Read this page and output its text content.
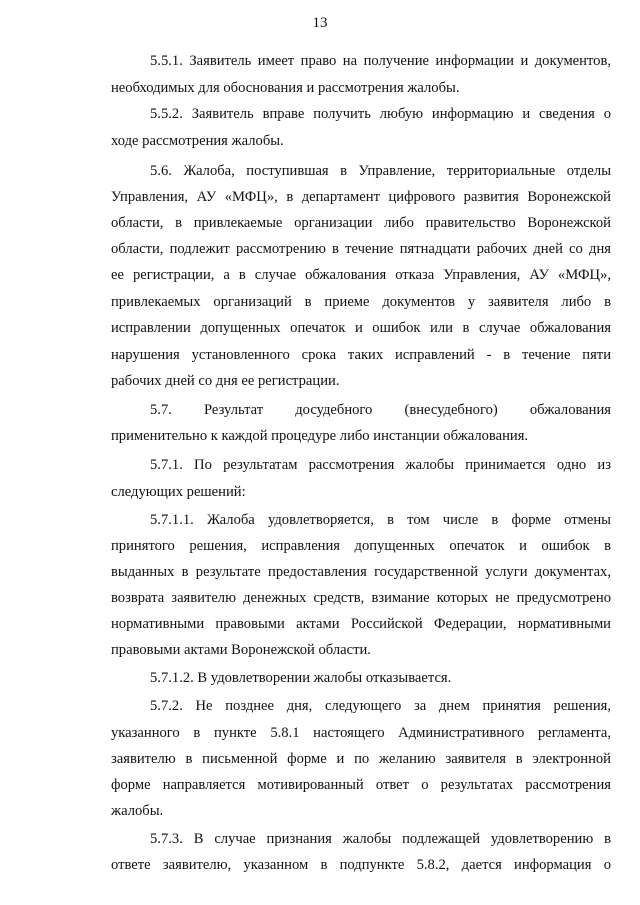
13
5.5.1. Заявитель имеет право на получение информации и документов,
необходимых для обоснования и рассмотрения жалобы.
5.5.2. Заявитель вправе получить любую информацию и сведения о
ходе рассмотрения жалобы.
5.6. Жалоба, поступившая в Управление, территориальные отделы
Управления, АУ «МФЦ», в департамент цифрового развития Воронежской
области, в привлекаемые организации либо правительство Воронежской
области, подлежит рассмотрению в течение пятнадцати рабочих дней со дня
ее регистрации, а в случае обжалования отказа Управления, АУ «МФЦ»,
привлекаемых организаций в приеме документов у заявителя либо в
исправлении допущенных опечаток и ошибок или в случае обжалования
нарушения установленного срока таких исправлений - в течение пяти
рабочих дней со дня ее регистрации.
5.7. Результат досудебного (внесудебного) обжалования
применительно к каждой процедуре либо инстанции обжалования.
5.7.1. По результатам рассмотрения жалобы принимается одно из
следующих решений:
5.7.1.1. Жалоба удовлетворяется, в том числе в форме отмены
принятого решения, исправления допущенных опечаток и ошибок в
выданных в результате предоставления государственной услуги документах,
возврата заявителю денежных средств, взимание которых не предусмотрено
нормативными правовыми актами Российской Федерации, нормативными
правовыми актами Воронежской области.
5.7.1.2. В удовлетворении жалобы отказывается.
5.7.2. Не позднее дня, следующего за днем принятия решения,
указанного в пункте 5.8.1 настоящего Административного регламента,
заявителю в письменной форме и по желанию заявителя в электронной
форме направляется мотивированный ответ о результатах рассмотрения
жалобы.
5.7.3. В случае признания жалобы подлежащей удовлетворению в
ответе заявителю, указанном в подпункте 5.8.2, дается информация о
